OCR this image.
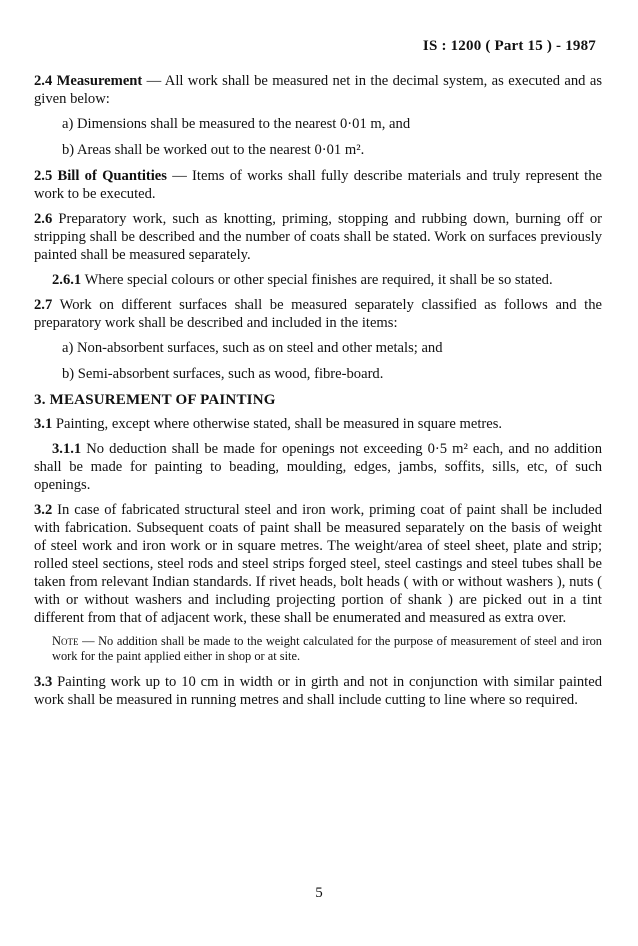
IS : 1200 ( Part 15 ) - 1987

2.4 Measurement — All work shall be measured net in the decimal system, as executed and as given below:

a) Dimensions shall be measured to the nearest 0·01 m, and

b) Areas shall be worked out to the nearest 0·01 m².

2.5 Bill of Quantities — Items of works shall fully describe materials and truly represent the work to be executed.

2.6 Preparatory work, such as knotting, priming, stopping and rubbing down, burning off or stripping shall be described and the number of coats shall be stated. Work on surfaces previously painted shall be measured separately.

2.6.1 Where special colours or other special finishes are required, it shall be so stated.

2.7 Work on different surfaces shall be measured separately classified as follows and the preparatory work shall be described and included in the items:

a) Non-absorbent surfaces, such as on steel and other metals; and

b) Semi-absorbent surfaces, such as wood, fibre-board.

3. MEASUREMENT OF PAINTING

3.1 Painting, except where otherwise stated, shall be measured in square metres.

3.1.1 No deduction shall be made for openings not exceeding 0·5 m² each, and no addition shall be made for painting to beading, moulding, edges, jambs, soffits, sills, etc, of such openings.

3.2 In case of fabricated structural steel and iron work, priming coat of paint shall be included with fabrication. Subsequent coats of paint shall be measured separately on the basis of weight of steel work and iron work or in square metres. The weight/area of steel sheet, plate and strip; rolled steel sections, steel rods and steel strips forged steel, steel castings and steel tubes shall be taken from relevant Indian standards. If rivet heads, bolt heads ( with or without washers ), nuts ( with or without washers and including projecting portion of shank ) are picked out in a tint different from that of adjacent work, these shall be enumerated and measured as extra over.

Note — No addition shall be made to the weight calculated for the purpose of measurement of steel and iron work for the paint applied either in shop or at site.

3.3 Painting work up to 10 cm in width or in girth and not in conjunction with similar painted work shall be measured in running metres and shall include cutting to line where so required.

5
